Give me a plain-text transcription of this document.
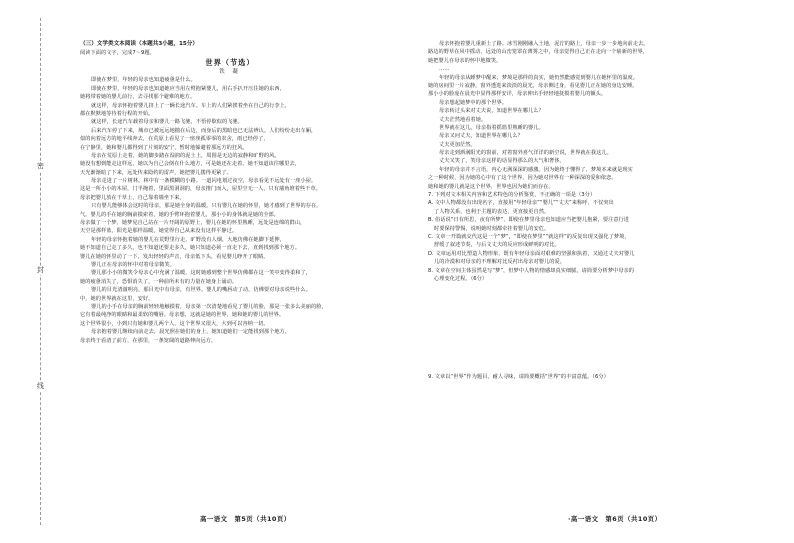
密
封
线
（三）文学类文本阅读（本题共3小题，15分）
阅读下面的文字，完成7～9题。
世界（节选）
铁 凝
即使在梦里，年轻的母亲也知道疲惫是什么。
即使在梦里，年轻的母亲也知道她应当用左臂抱紧婴儿，用右手扒开压住她的东西，
她将带着她的婴儿前行，去寻找那个避难的地方。
就这样，母亲怀抱着婴儿挤上了一辆长途汽车。车上的人们紧挨着坐在自己的行李上，
都在默默地等待着行程的开始。
就这样，长途汽车载着母亲和婴儿一路飞驰，不悟停歇似的飞驰。
后来汽车停了下来，城市已被远远地抛在后边，而身后的黑暗也已无法辨认。人们纷纷走出车厢，
似的向着远方的地平线奔去，在荒原上看见了一座座孤零零的农舍，雨已经停了，
在宁静里，她和婴儿都得到了片刻的安宁，暂时地躲避着那远方的狂风。
母亲在荒原上走着，她的脚步踏在湿润的泥土上，周围是无边的寂静和旷野的风。
她没有想到能走这样远，她以为自己会倒在什么地方，可是她还在走着。她不知道该往哪里去，
天光渐渐暗了下来，远处传来隐约的雷声，她把婴儿搂得更紧了。
母亲走进了一片树林，林中有一条模糊的小路。一道闪电划过夜空，母亲看见不远处有一座小屋。
这是一所小小的木屋，门半掩着，里面黑洞洞的，母亲推门而入，屋里空无一人，只有墙角堆着些干草。
母亲把婴儿放在干草上，自己靠着墙坐下来。
只有婴儿能够体会这时的母亲，那是她全身的温暖。只有婴儿在她的怀里，她才感到了世界的存在。
气。婴儿的手在她的胸前摸索着，她的手臂环抱着婴儿，那小小的身体就是她的全部。
母亲做了一个梦，她梦见自己站在一片开阔的原野上，婴儿在她的怀里熟睡，远处是连绵的群山，
天空是那样蓝，阳光是那样温暖，她觉得自己从来没有这样平静过。
年轻的母亲怀抱着她的婴儿在荒野里行走，旷野没有人烟，大地仿佛在她脚下延伸，
她不知道自己走了多久，也不知道还要走多久，她只知道必须一直走下去，直到找到那个地方。
婴儿在她的怀里动了一下，发出轻轻的声音，母亲低下头，看见婴儿睁开了眼睛。
婴儿正在母亲的怀中对着母亲微笑。
婴儿那小小的微笑令母亲心中充满了温暖，这时她感到整个世界仿佛都在这一笑中变得柔和了，
她的疲惫消失了，恐惧消失了，一种前所未有的力量在她身上涌动。
婴儿的目光清澈明亮，那目光中有母亲，有世界。婴儿的嘴唇动了动，仿佛要对母亲说些什么。
中，她的世界就在这里，安好。
婴儿的小手在母亲的胸前轻轻地触摸着，母亲第一次清楚地看见了婴儿的脸，那是一张多么美丽的脸，
它有着最纯净的眼睛和最柔软的嘴唇。母亲想，这就是她的世界，她和她的婴儿的世界。
这个世界很小，小到只有她和婴儿两个人，这个世界又很大，大到可以容纳一切。
母亲抱着婴儿继续向前走去，晨光照在她们的身上，她知道她们一定能找到那个地方。
母亲终于看清了前方，在那里，一条宽阔的道路伸向远方。
母亲怀抱着婴儿重新上了路。冰雪刚刚融入土地，泥泞的路上，母亲一步一步地向前走去。
路边的野草在风中摇动，远处的山峦笼罩在薄雾之中，母亲觉得自己正在走向一个崭新的世界，
她把婴儿在母亲的怀中地微笑。
……
年轻的母亲从睡梦中醒来，梦境是那样的真实，她仍然能感觉到婴儿在她怀里的温度。
她的房间里一片寂静，窗外透进来淡淡的晨光，母亲侧过身，看见婴儿正在她的身边安睡。
那小小的脸庞在晨光中显得那样安详，母亲伸出手轻轻地抚摸着婴儿的额头。
母亲想起她梦中的那个世界。
母亲转过头来对丈夫说，知道世界在哪儿么？
丈夫茫然地看着她。
世界就在这儿。母亲指着摇篮里熟睡的婴儿。
母亲又问丈夫，知道世界在哪儿么？
丈夫更加茫然。
母亲走到洒满阳光的窗前，对着窗外喜气洋洋的新空说，世界就在我这儿。
丈夫又笑了，笑母亲这样的话显得那么的大气和奢侈。
年轻的母亲并不言语，内心无满深深的感激。因为她终于懂得了，梦境本来就是现实
之一种时候，因为她的心中有了这个世界，因为她对世界有一种深深的爱和依恋。
她和她的婴儿就是这个世界，世界也因为她们而存在。
7. 下列对文本相关内容和艺术特色的分析鉴赏，不正确的一项是（3分）
A. 文中人物都没有出现名字，直接用“年轻母亲”“婴儿”“丈夫”来称呼，不仅突出
了人物关系，也利于主题的表达，更直接更自然。
B. 俗话说“日有所思，夜有所梦”，即使在梦里母亲也知道应当把婴儿抱紧，要注意行进
时要保持警惕，说明她时刻都牵挂着婴儿的安危。
C. 文章一开篇就交代这是一个“梦”，“即使在梦里”“就这样”的反复出现又强化了梦境，
舒缓了叙述节奏，与后文丈夫的反应形成鲜明的对比。
D. 文章运用对比塑造人物形象，既有年轻母亲面对艰难的坚强和执着，又通过丈夫对婴儿
儿的冷漠和对母亲的不理解对比反衬出母亲对婴儿的爱。
8. 文章在空间主体虽然是写“梦”，但梦中人物的情感却真实细腻，请简要分析梦中母亲的
心理变化过程。（6分）
9. 文章以“世界”作为题目，耐人寻味，请简要概括“世界”的丰富意蕴。（6分）
高一语文　第5页（共10页）	·高一语文　第6页（共10页）
